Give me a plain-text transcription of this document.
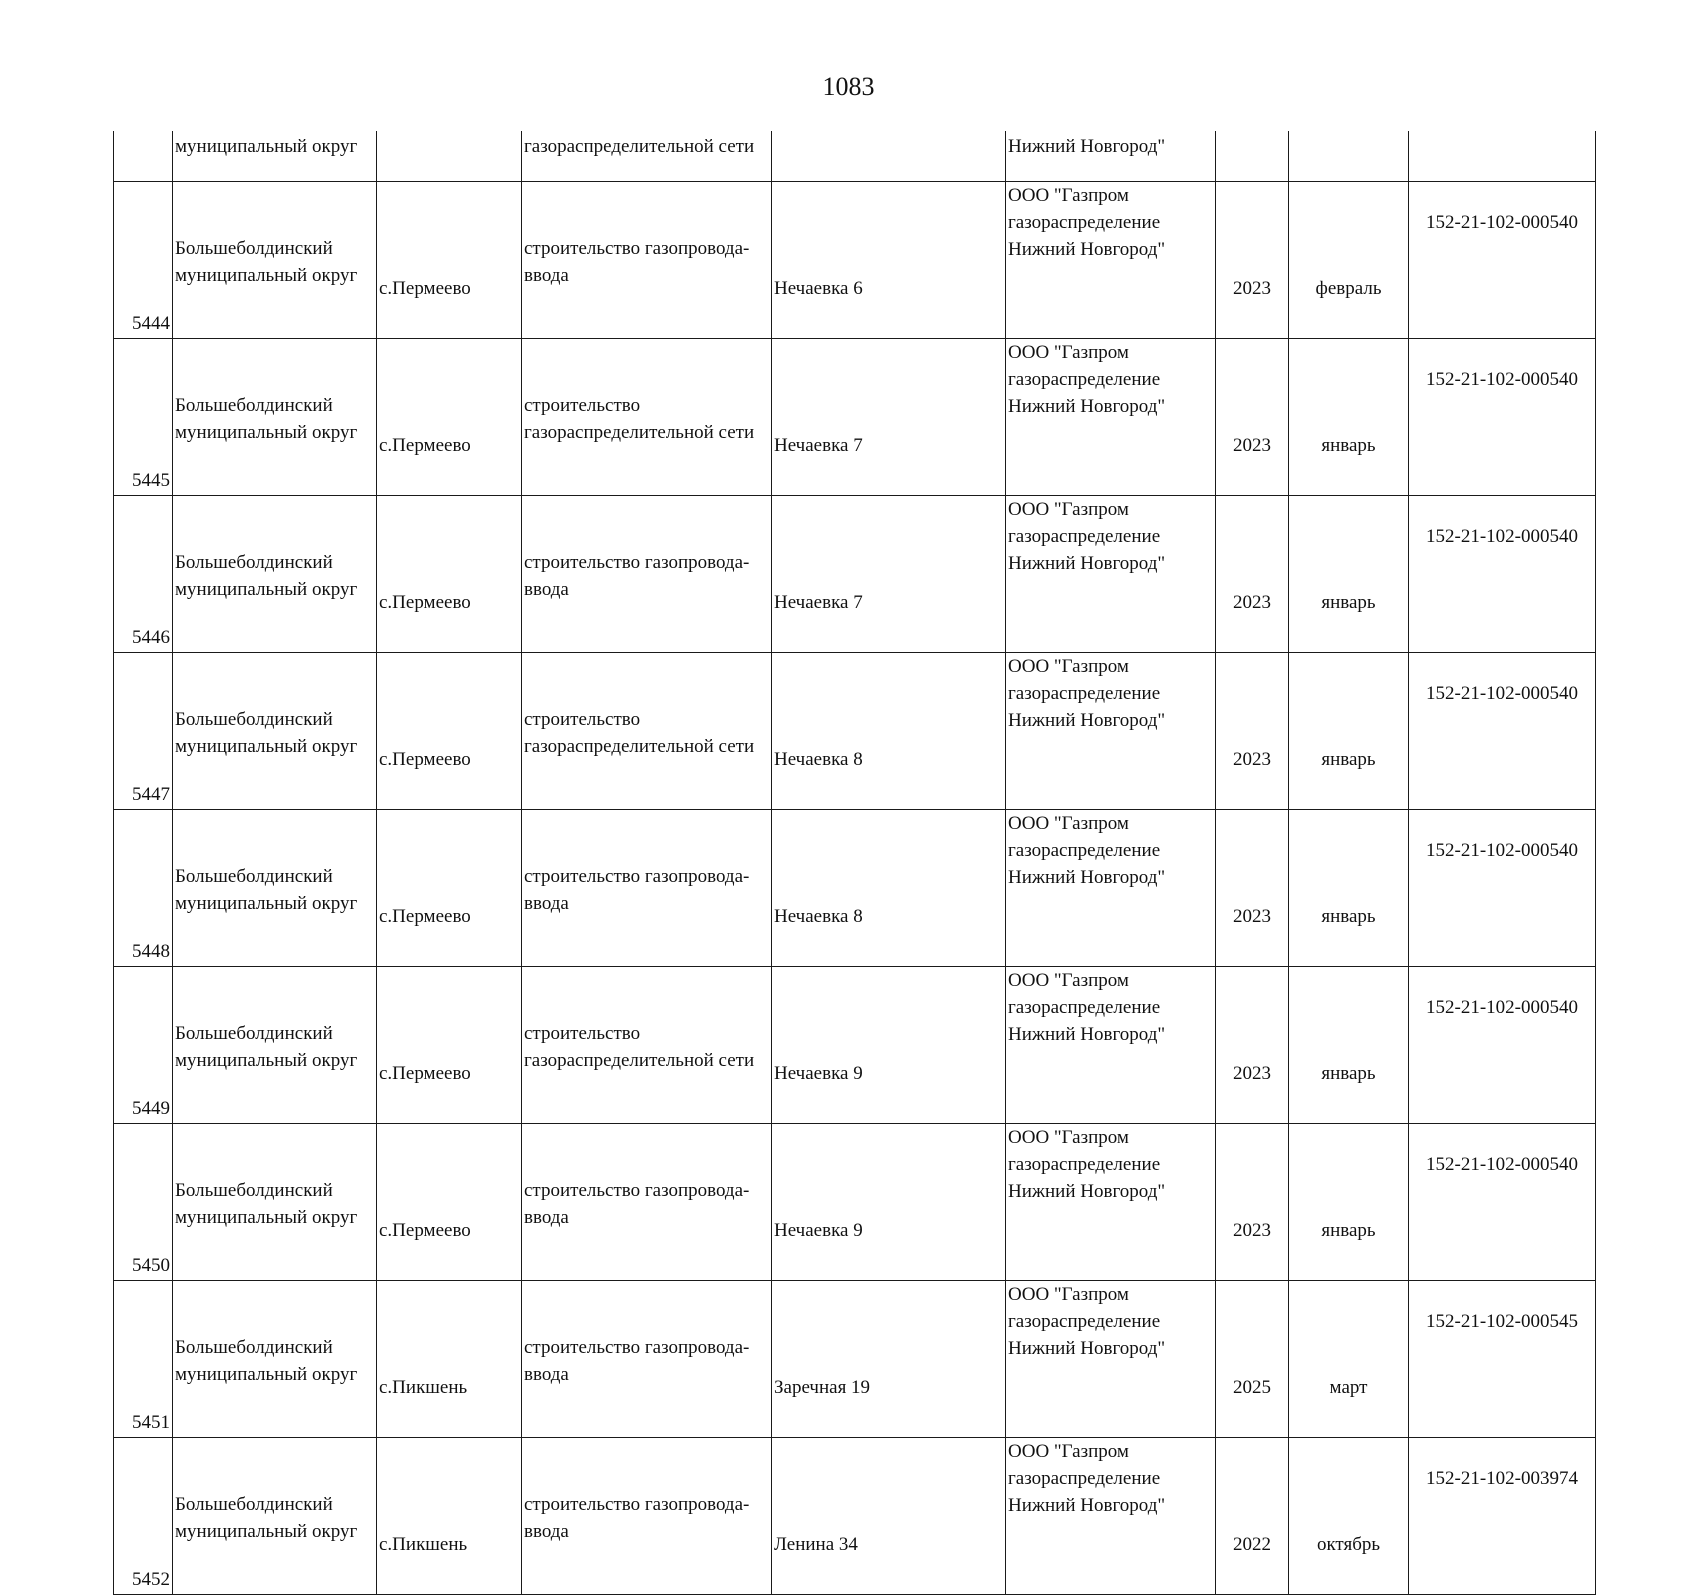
1083
	муниципальный округ		газораспределительной сети		Нижний Новгород"			
5444	Большеболдинский
муниципальный округ	с.Пермеево	строительство газопровода-
ввода	Нечаевка 6	ООО "Газпром
газораспределение
Нижний Новгород"	2023	февраль	152-21-102-000540
5445	Большеболдинский
муниципальный округ	с.Пермеево	строительство
газораспределительной сети	Нечаевка 7	ООО "Газпром
газораспределение
Нижний Новгород"	2023	январь	152-21-102-000540
5446	Большеболдинский
муниципальный округ	с.Пермеево	строительство газопровода-
ввода	Нечаевка 7	ООО "Газпром
газораспределение
Нижний Новгород"	2023	январь	152-21-102-000540
5447	Большеболдинский
муниципальный округ	с.Пермеево	строительство
газораспределительной сети	Нечаевка 8	ООО "Газпром
газораспределение
Нижний Новгород"	2023	январь	152-21-102-000540
5448	Большеболдинский
муниципальный округ	с.Пермеево	строительство газопровода-
ввода	Нечаевка 8	ООО "Газпром
газораспределение
Нижний Новгород"	2023	январь	152-21-102-000540
5449	Большеболдинский
муниципальный округ	с.Пермеево	строительство
газораспределительной сети	Нечаевка 9	ООО "Газпром
газораспределение
Нижний Новгород"	2023	январь	152-21-102-000540
5450	Большеболдинский
муниципальный округ	с.Пермеево	строительство газопровода-
ввода	Нечаевка 9	ООО "Газпром
газораспределение
Нижний Новгород"	2023	январь	152-21-102-000540
5451	Большеболдинский
муниципальный округ	с.Пикшень	строительство газопровода-
ввода	Заречная 19	ООО "Газпром
газораспределение
Нижний Новгород"	2025	март	152-21-102-000545
5452	Большеболдинский
муниципальный округ	с.Пикшень	строительство газопровода-
ввода	Ленина 34	ООО "Газпром
газораспределение
Нижний Новгород"	2022	октябрь	152-21-102-003974
